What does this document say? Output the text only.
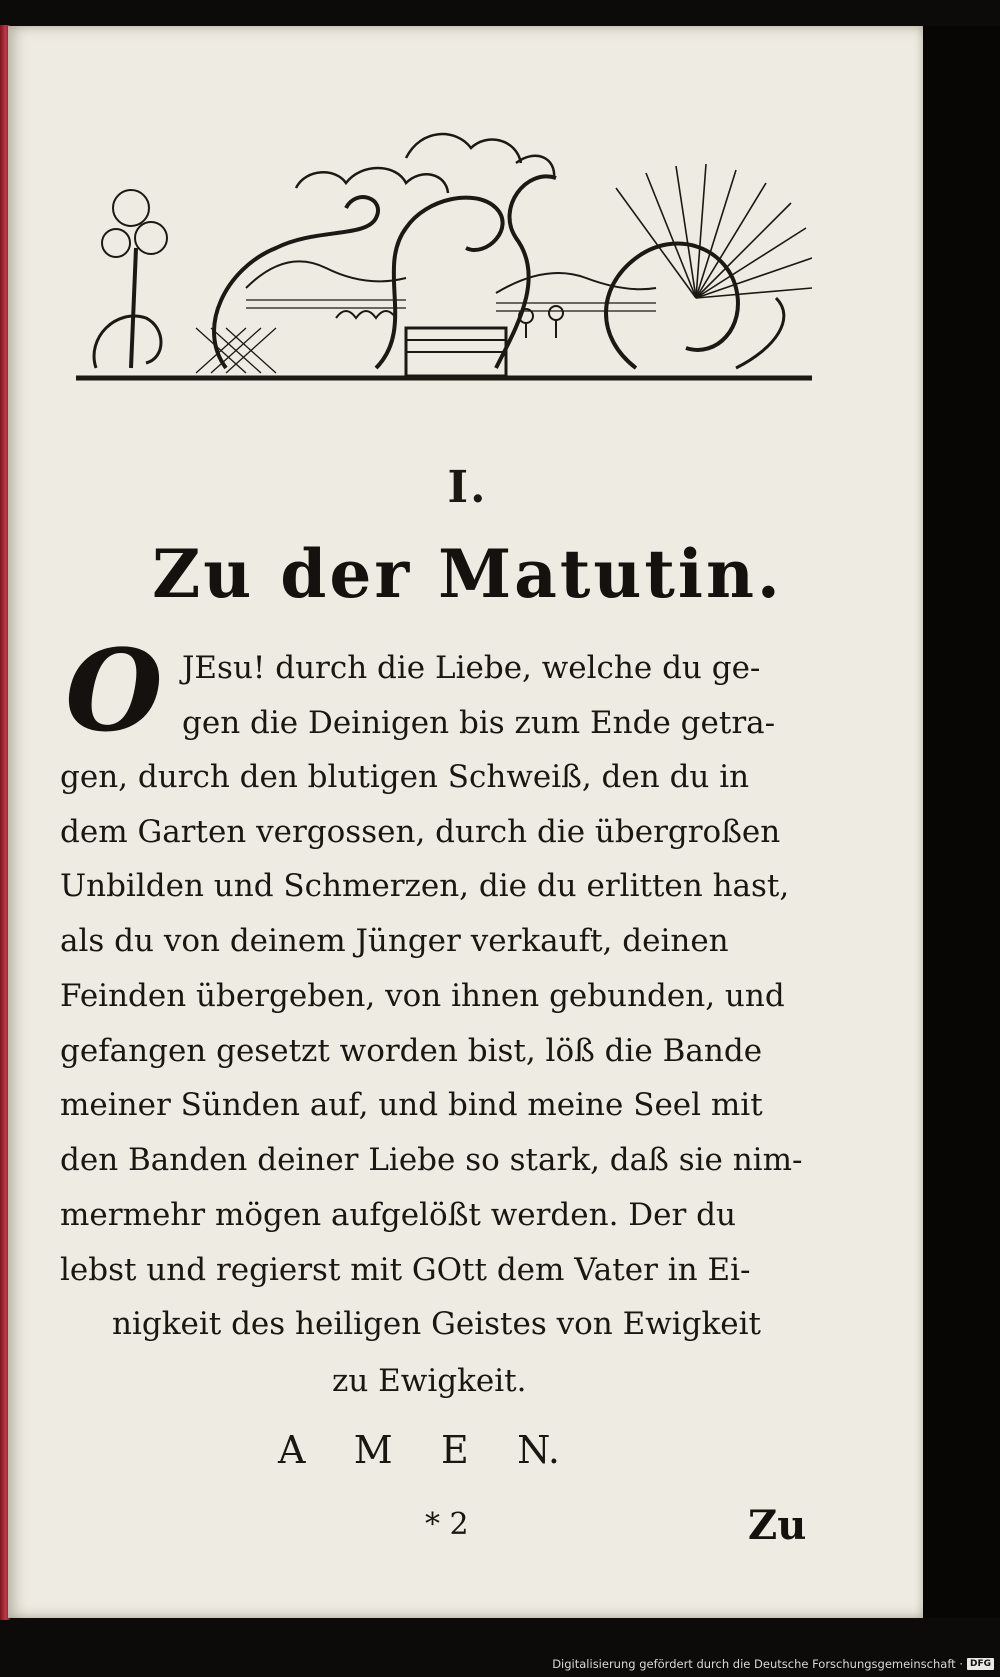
I.
Zu der Matutin.
O JEsu! durch die Liebe, welche du ge-
gen die Deinigen bis zum Ende getra-
gen, durch den blutigen Schweiß, den du in
dem Garten vergossen, durch die übergroßen
Unbilden und Schmerzen, die du erlitten hast,
als du von deinem Jünger verkauft, deinen
Feinden übergeben, von ihnen gebunden, und
gefangen gesetzt worden bist, löß die Bande
meiner Sünden auf, und bind meine Seel mit
den Banden deiner Liebe so stark, daß sie nim-
mermehr mögen aufgelößt werden. Der du
lebst und regierst mit GOtt dem Vater in Ei-
nigkeit des heiligen Geistes von Ewigkeit
zu Ewigkeit.
A M E N.
* 2	Zu
Digitalisierung gefördert durch die Deutsche Forschungsgemeinschaft · DFG
